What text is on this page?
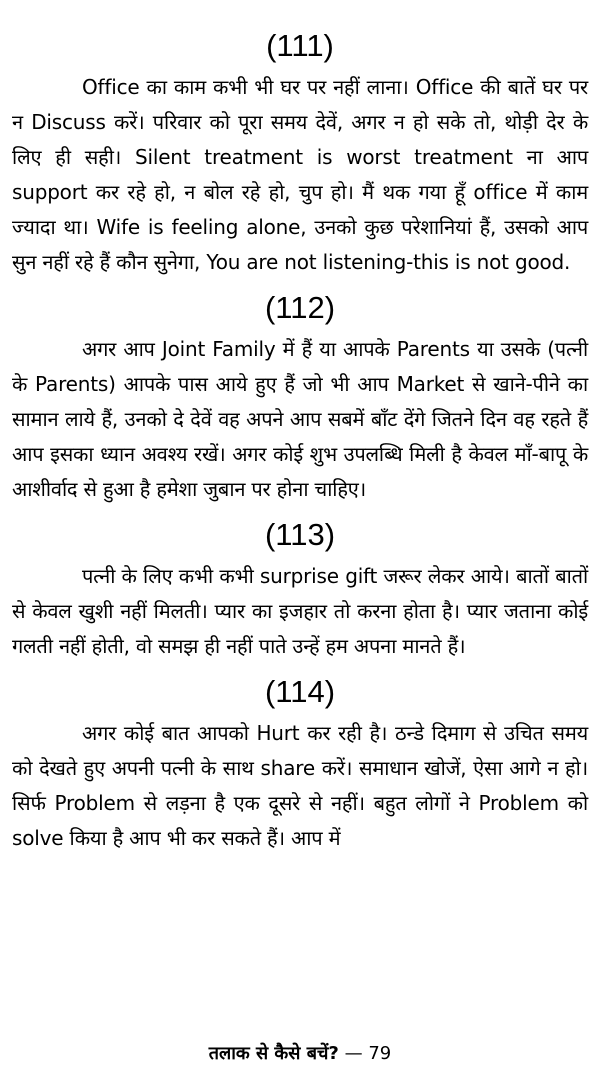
(111)

Office का काम कभी भी घर पर नहीं लाना। Office की बातें घर पर न Discuss करें। परिवार को पूरा समय देवें, अगर न हो सके तो, थोड़ी देर के लिए ही सही। Silent treatment is worst treatment ना आप support कर रहे हो, न बोल रहे हो, चुप हो। मैं थक गया हूँ office में काम ज्यादा था। Wife is feeling alone, उनको कुछ परेशानियां हैं, उसको आप सुन नहीं रहे हैं कौन सुनेगा, You are not listening-this is not good.

(112)

अगर आप Joint Family में हैं या आपके Parents या उसके (पत्नी के Parents) आपके पास आये हुए हैं जो भी आप Market से खाने-पीने का सामान लाये हैं, उनको दे देवें वह अपने आप सबमें बाँट देंगे जितने दिन वह रहते हैं आप इसका ध्यान अवश्य रखें। अगर कोई शुभ उपलब्धि मिली है केवल माँ-बापू के आशीर्वाद से हुआ है हमेशा जुबान पर होना चाहिए।

(113)

पत्नी के लिए कभी कभी surprise gift जरूर लेकर आये। बातों बातों से केवल खुशी नहीं मिलती। प्यार का इजहार तो करना होता है। प्यार जताना कोई गलती नहीं होती, वो समझ ही नहीं पाते उन्हें हम अपना मानते हैं।

(114)

अगर कोई बात आपको Hurt कर रही है। ठन्डे दिमाग से उचित समय को देखते हुए अपनी पत्नी के साथ share करें। समाधान खोजें, ऐसा आगे न हो। सिर्फ Problem से लड़ना है एक दूसरे से नहीं। बहुत लोगों ने Problem को solve किया है आप भी कर सकते हैं। आप में

तलाक से कैसे बचें? — 79
